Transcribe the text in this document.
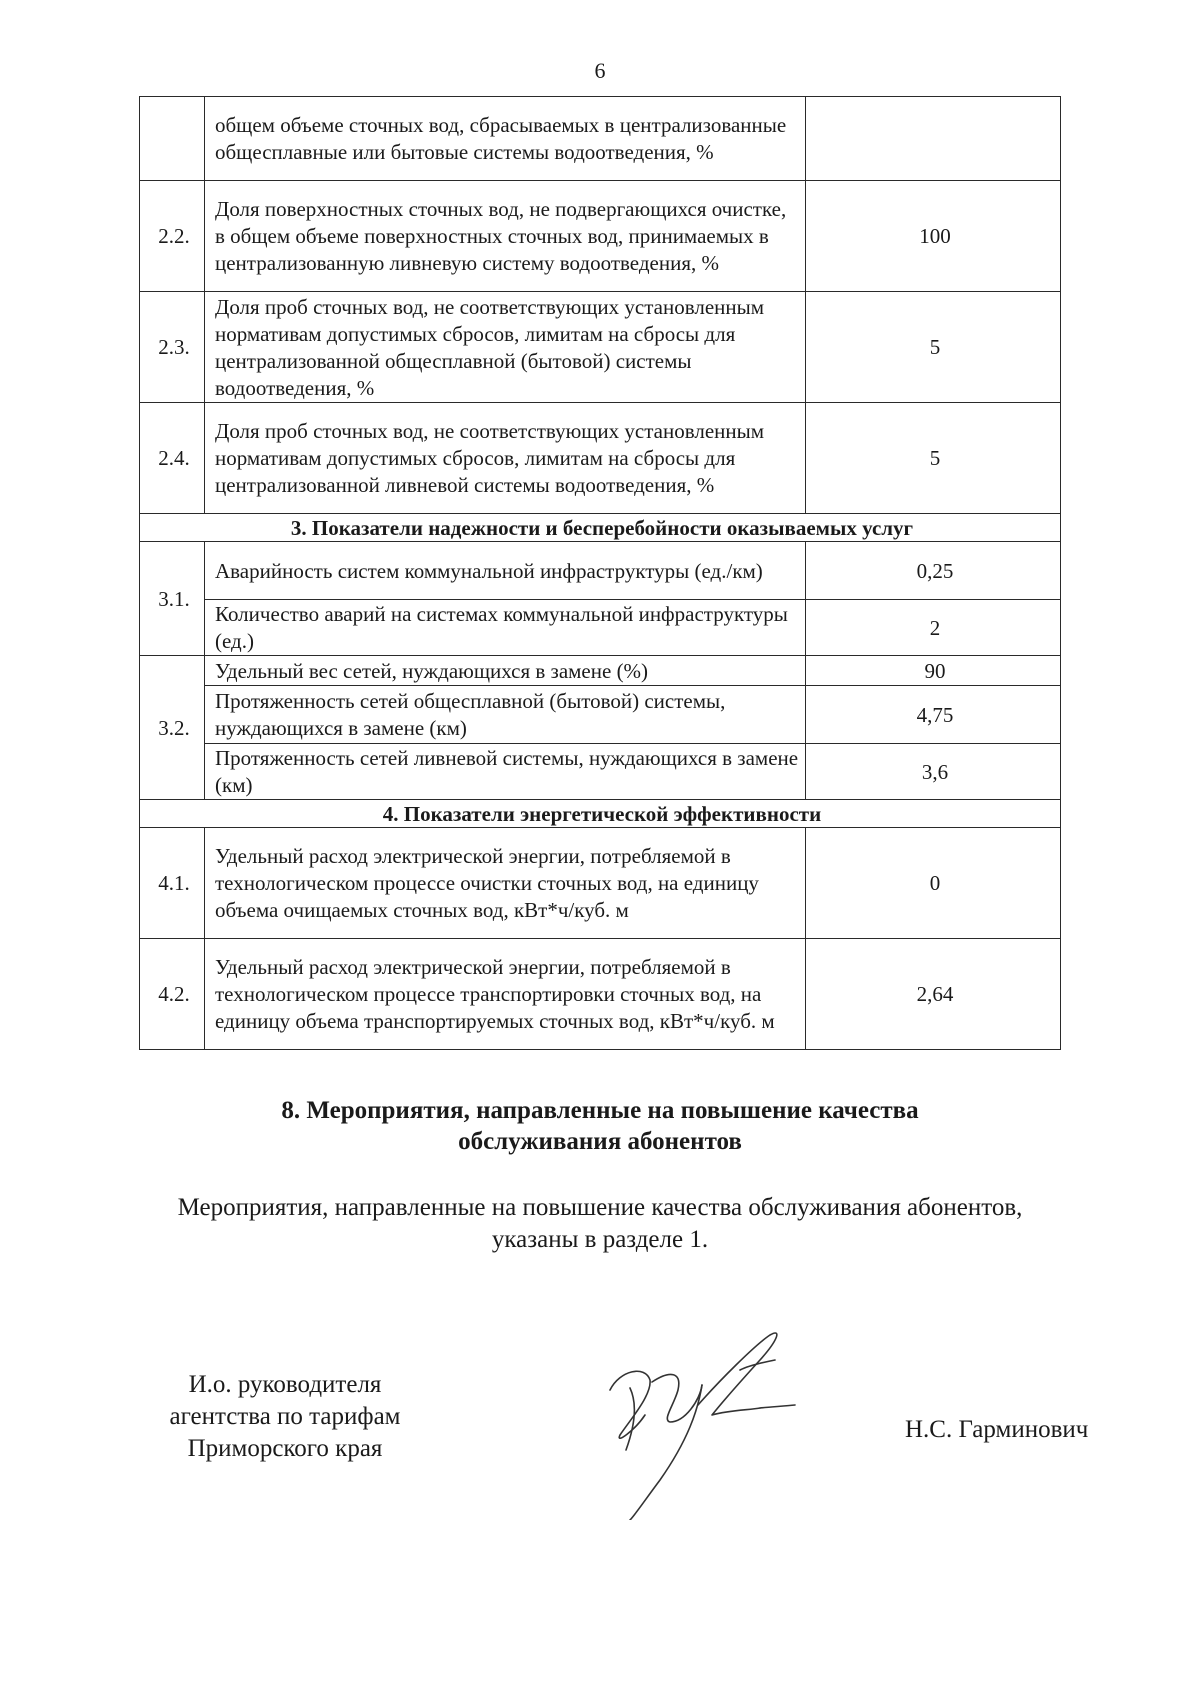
6
	общем объеме сточных вод, сбрасываемых в централизованные общесплавные или бытовые системы водоотведения, %	
2.2.	Доля поверхностных сточных вод, не подвергающихся очистке, в общем объеме поверхностных сточных вод, принимаемых в централизованную ливневую систему водоотведения, %	100
2.3.	Доля проб сточных вод, не соответствующих установленным нормативам допустимых сбросов, лимитам на сбросы для централизованной общесплавной (бытовой) системы водоотведения, %	5
2.4.	Доля проб сточных вод, не соответствующих установленным нормативам допустимых сбросов, лимитам на сбросы для централизованной ливневой системы водоотведения, %	5
3. Показатели надежности и бесперебойности оказываемых услуг		
3.1.	Аварийность систем коммунальной инфраструктуры (ед./км)	0,25
	Количество аварий на системах коммунальной инфраструктуры (ед.)	2
3.2.	Удельный вес сетей, нуждающихся в замене (%)	90
	Протяженность сетей общесплавной (бытовой) системы, нуждающихся в замене (км)	4,75
	Протяженность сетей ливневой системы, нуждающихся в замене (км)	3,6
4. Показатели энергетической эффективности		
4.1.	Удельный расход электрической энергии, потребляемой в технологическом процессе очистки сточных вод, на единицу объема очищаемых сточных вод, кВт*ч/куб. м	0
4.2.	Удельный расход электрической энергии, потребляемой в технологическом процессе транспортировки сточных вод, на единицу объема транспортируемых сточных вод, кВт*ч/куб. м	2,64
8. Мероприятия, направленные на повышение качества
обслуживания абонентов
Мероприятия, направленные на повышение качества обслуживания абонентов,
указаны в разделе 1.
И.о. руководителя
агентства по тарифам
Приморского края
Н.С. Гарминович
